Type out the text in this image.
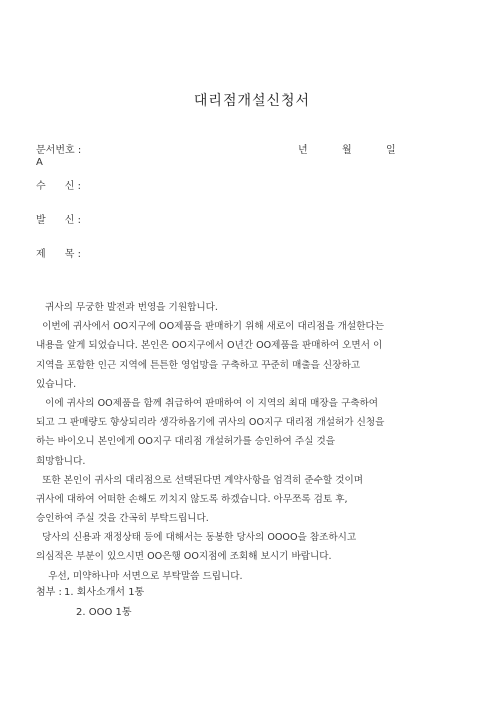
대리점개설신청서
문서번호 :	년	월	일
A
수      신 :
발      신 :
제      목 :
귀사의 무궁한 발전과 번영을 기원합니다.
이번에 귀사에서 OO지구에 OO제품을 판매하기 위해 새로이 대리점을 개설한다는
내용을 알게 되었습니다. 본인은 OO지구에서 O년간 OO제품을 판매하여 오면서 이
지역을 포함한 인근 지역에 튼튼한 영업망을 구축하고 꾸준히 매출을 신장하고
있습니다.
이에 귀사의 OO제품을 함께 취급하여 판매하여 이 지역의 최대 매장을 구축하여
되고 그 판매량도 향상되리라 생각하옵기에 귀사의 OO지구 대리점 개설허가 신청을
하는 바이오니 본인에게 OO지구 대리점 개설허가를 승인하여 주실 것을
희망합니다.
또한 본인이 귀사의 대리점으로 선택된다면 계약사항을 엄격히 준수할 것이며
귀사에 대하여 어떠한 손해도 끼치지 않도록 하겠습니다. 아무쪼록 검토 후,
승인하여 주실 것을 간곡히 부탁드립니다.
당사의 신용과 재정상태 등에 대해서는 동봉한 당사의 OOOO을 참조하시고
의심적은 부분이 있으시면 OO은행 OO지점에 조회해 보시기 바랍니다.
우선, 미약하나마 서면으로 부탁말씀 드립니다.
첨부 : 1. 회사소개서 1통
2. OOO 1통
